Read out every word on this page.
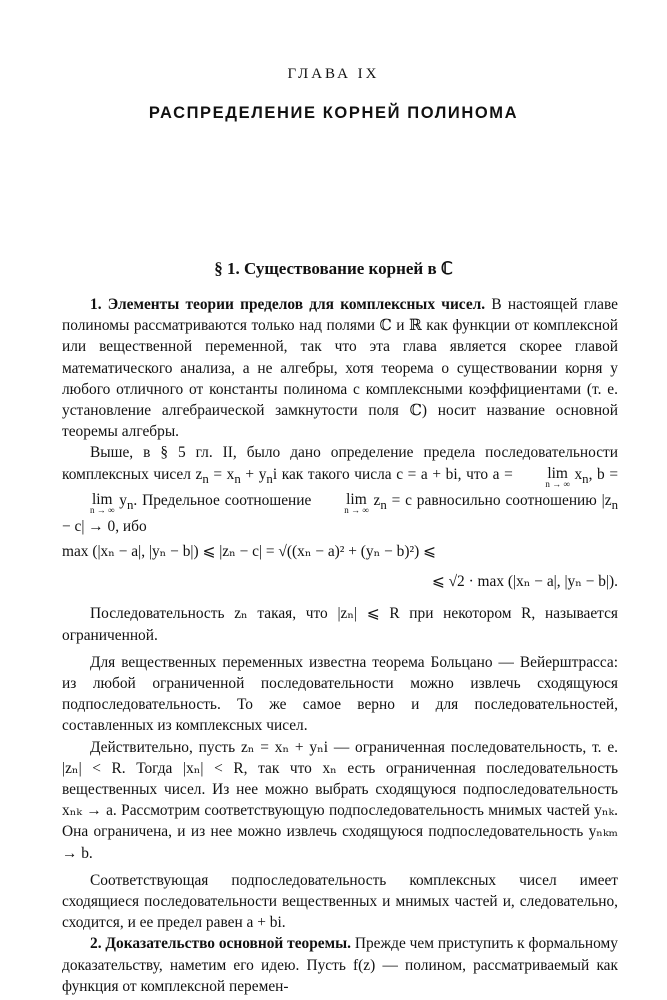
ГЛАВА IX
РАСПРЕДЕЛЕНИЕ КОРНЕЙ ПОЛИНОМА
§ 1. Существование корней в ℂ

1. Элементы теории пределов для комплексных чисел. В настоящей главе полиномы рассматриваются только над полями ℂ и ℝ как функции от комплексной или вещественной переменной, так что эта глава является скорее главой математического анализа, а не алгебры, хотя теорема о существовании корня у любого отличного от константы полинома с комплексными коэффициентами (т. е. установление алгебраической замкнутости поля ℂ) носит название основной теоремы алгебры.

Выше, в § 5 гл. II, было дано определение предела последовательности комплексных чисел $z_n = x_n + y_ni$ как такого числа c = a + bi, что a = lim
n → ∞
$x_n$, b = lim
n → ∞
$y_n$. Предельное соотношение lim
n → ∞
$z_n = c$ равносильно соотношению $|z_n - c| \to 0$, ибо

max (|xₙ − a|, |yₙ − b|) ⩽ |zₙ − c| = √((xₙ − a)² + (yₙ − b)²) ⩽

⩽ √2 · max (|xₙ − a|, |yₙ − b|).

Последовательность zₙ такая, что |zₙ| ⩽ R при некотором R, называется ограниченной.

Для вещественных переменных известна теорема Больцано — Вейерштрасса: из любой ограниченной последовательности можно извлечь сходящуюся подпоследовательность. То же самое верно и для последовательностей, составленных из комплексных чисел.

Действительно, пусть zₙ = xₙ + yₙi — ограниченная последовательность, т. е. |zₙ| < R. Тогда |xₙ| < R, так что xₙ есть ограниченная последовательность вещественных чисел. Из нее можно выбрать сходящуюся подпоследовательность xₙₖ → a. Рассмотрим соответствующую подпоследовательность мнимых частей yₙₖ. Она ограничена, и из нее можно извлечь сходящуюся подпоследовательность yₙₖₘ → b.

Соответствующая подпоследовательность комплексных чисел имеет сходящиеся последовательности вещественных и мнимых частей и, следовательно, сходится, и ее предел равен a + bi.

2. Доказательство основной теоремы. Прежде чем приступить к формальному доказательству, наметим его идею. Пусть f(z) — полином, рассматриваемый как функция от комплексной перемен-
